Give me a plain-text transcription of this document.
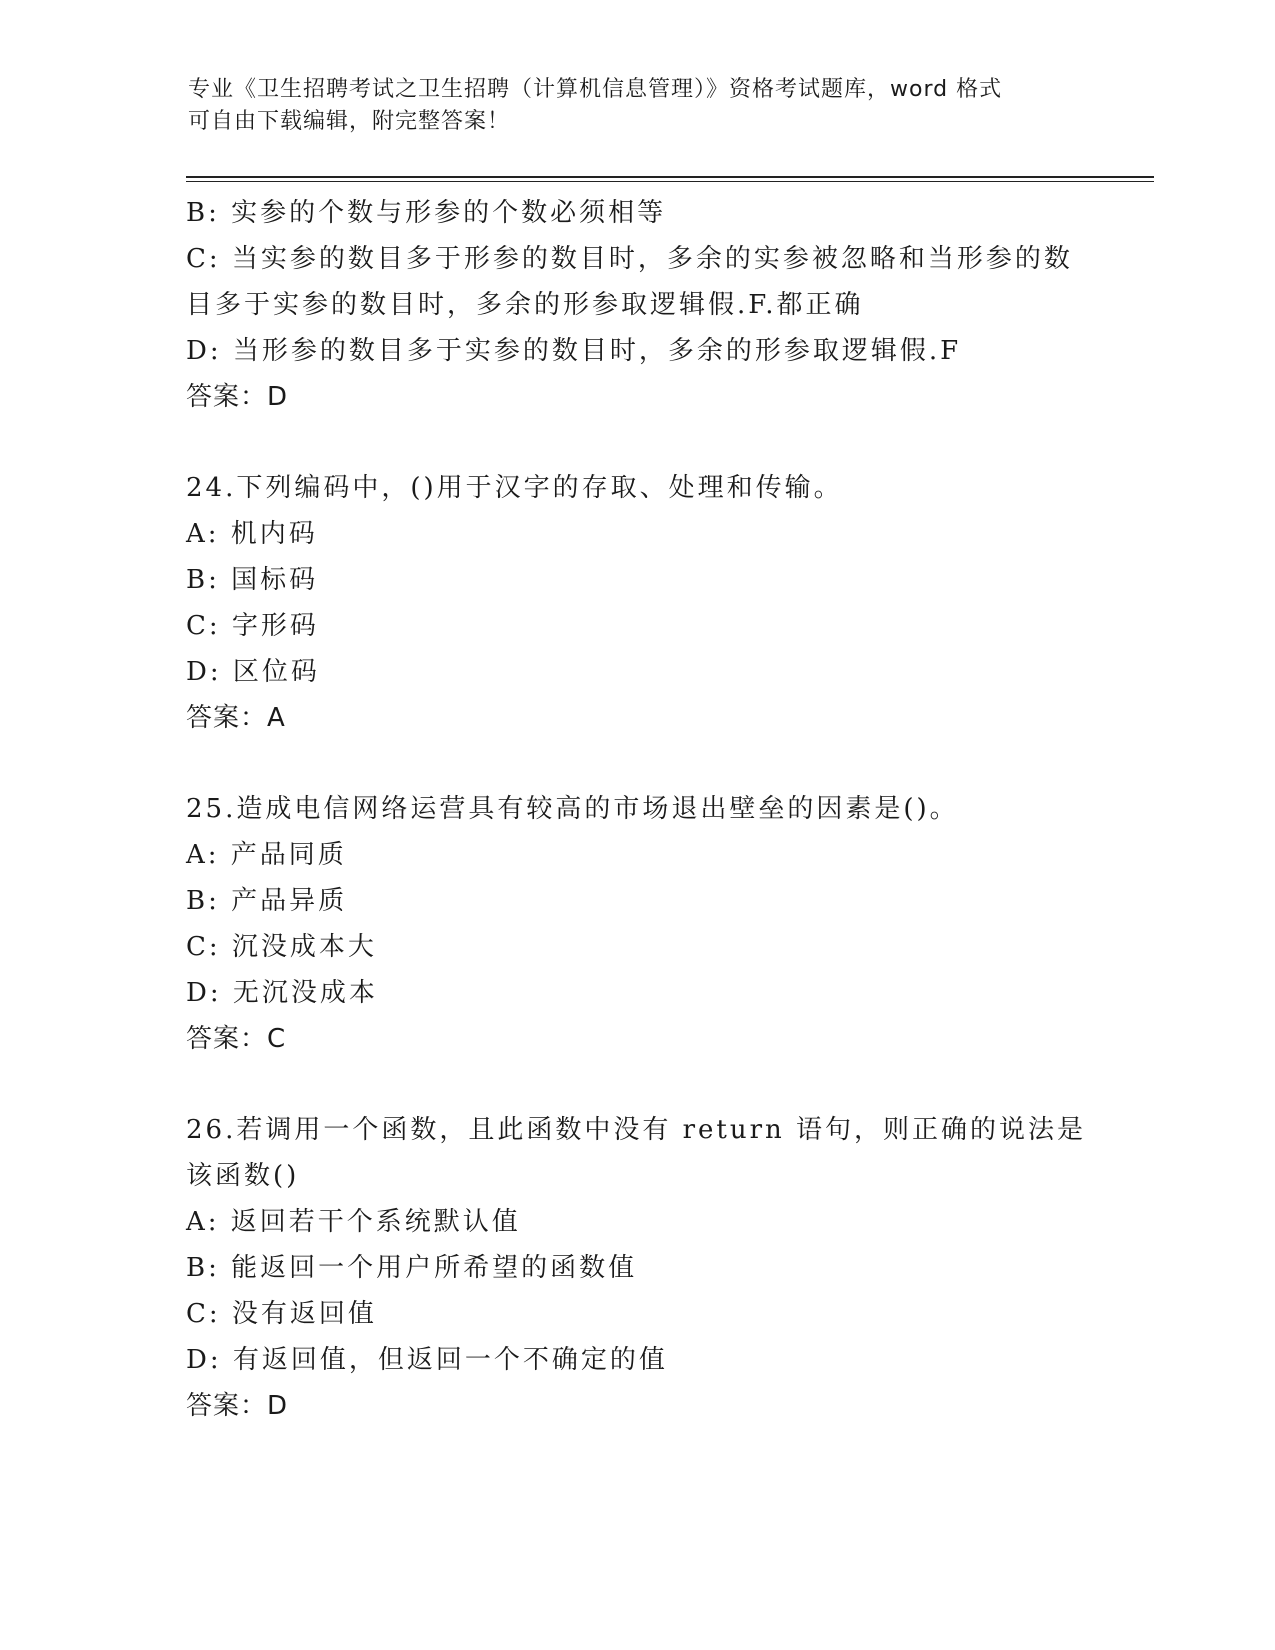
专业《卫生招聘考试之卫生招聘（计算机信息管理）》资格考试题库，word 格式
可自由下载编辑，附完整答案！
B: 实参的个数与形参的个数必须相等
C: 当实参的数目多于形参的数目时，多余的实参被忽略和当形参的数
目多于实参的数目时，多余的形参取逻辑假.F.都正确
D: 当形参的数目多于实参的数目时，多余的形参取逻辑假.F
答案：D
24.下列编码中，()用于汉字的存取、处理和传输。
A: 机内码
B: 国标码
C: 字形码
D: 区位码
答案：A
25.造成电信网络运营具有较高的市场退出壁垒的因素是()。
A: 产品同质
B: 产品异质
C: 沉没成本大
D: 无沉没成本
答案：C
26.若调用一个函数，且此函数中没有 return 语句，则正确的说法是
该函数()
A: 返回若干个系统默认值
B: 能返回一个用户所希望的函数值
C: 没有返回值
D: 有返回值，但返回一个不确定的值
答案：D
